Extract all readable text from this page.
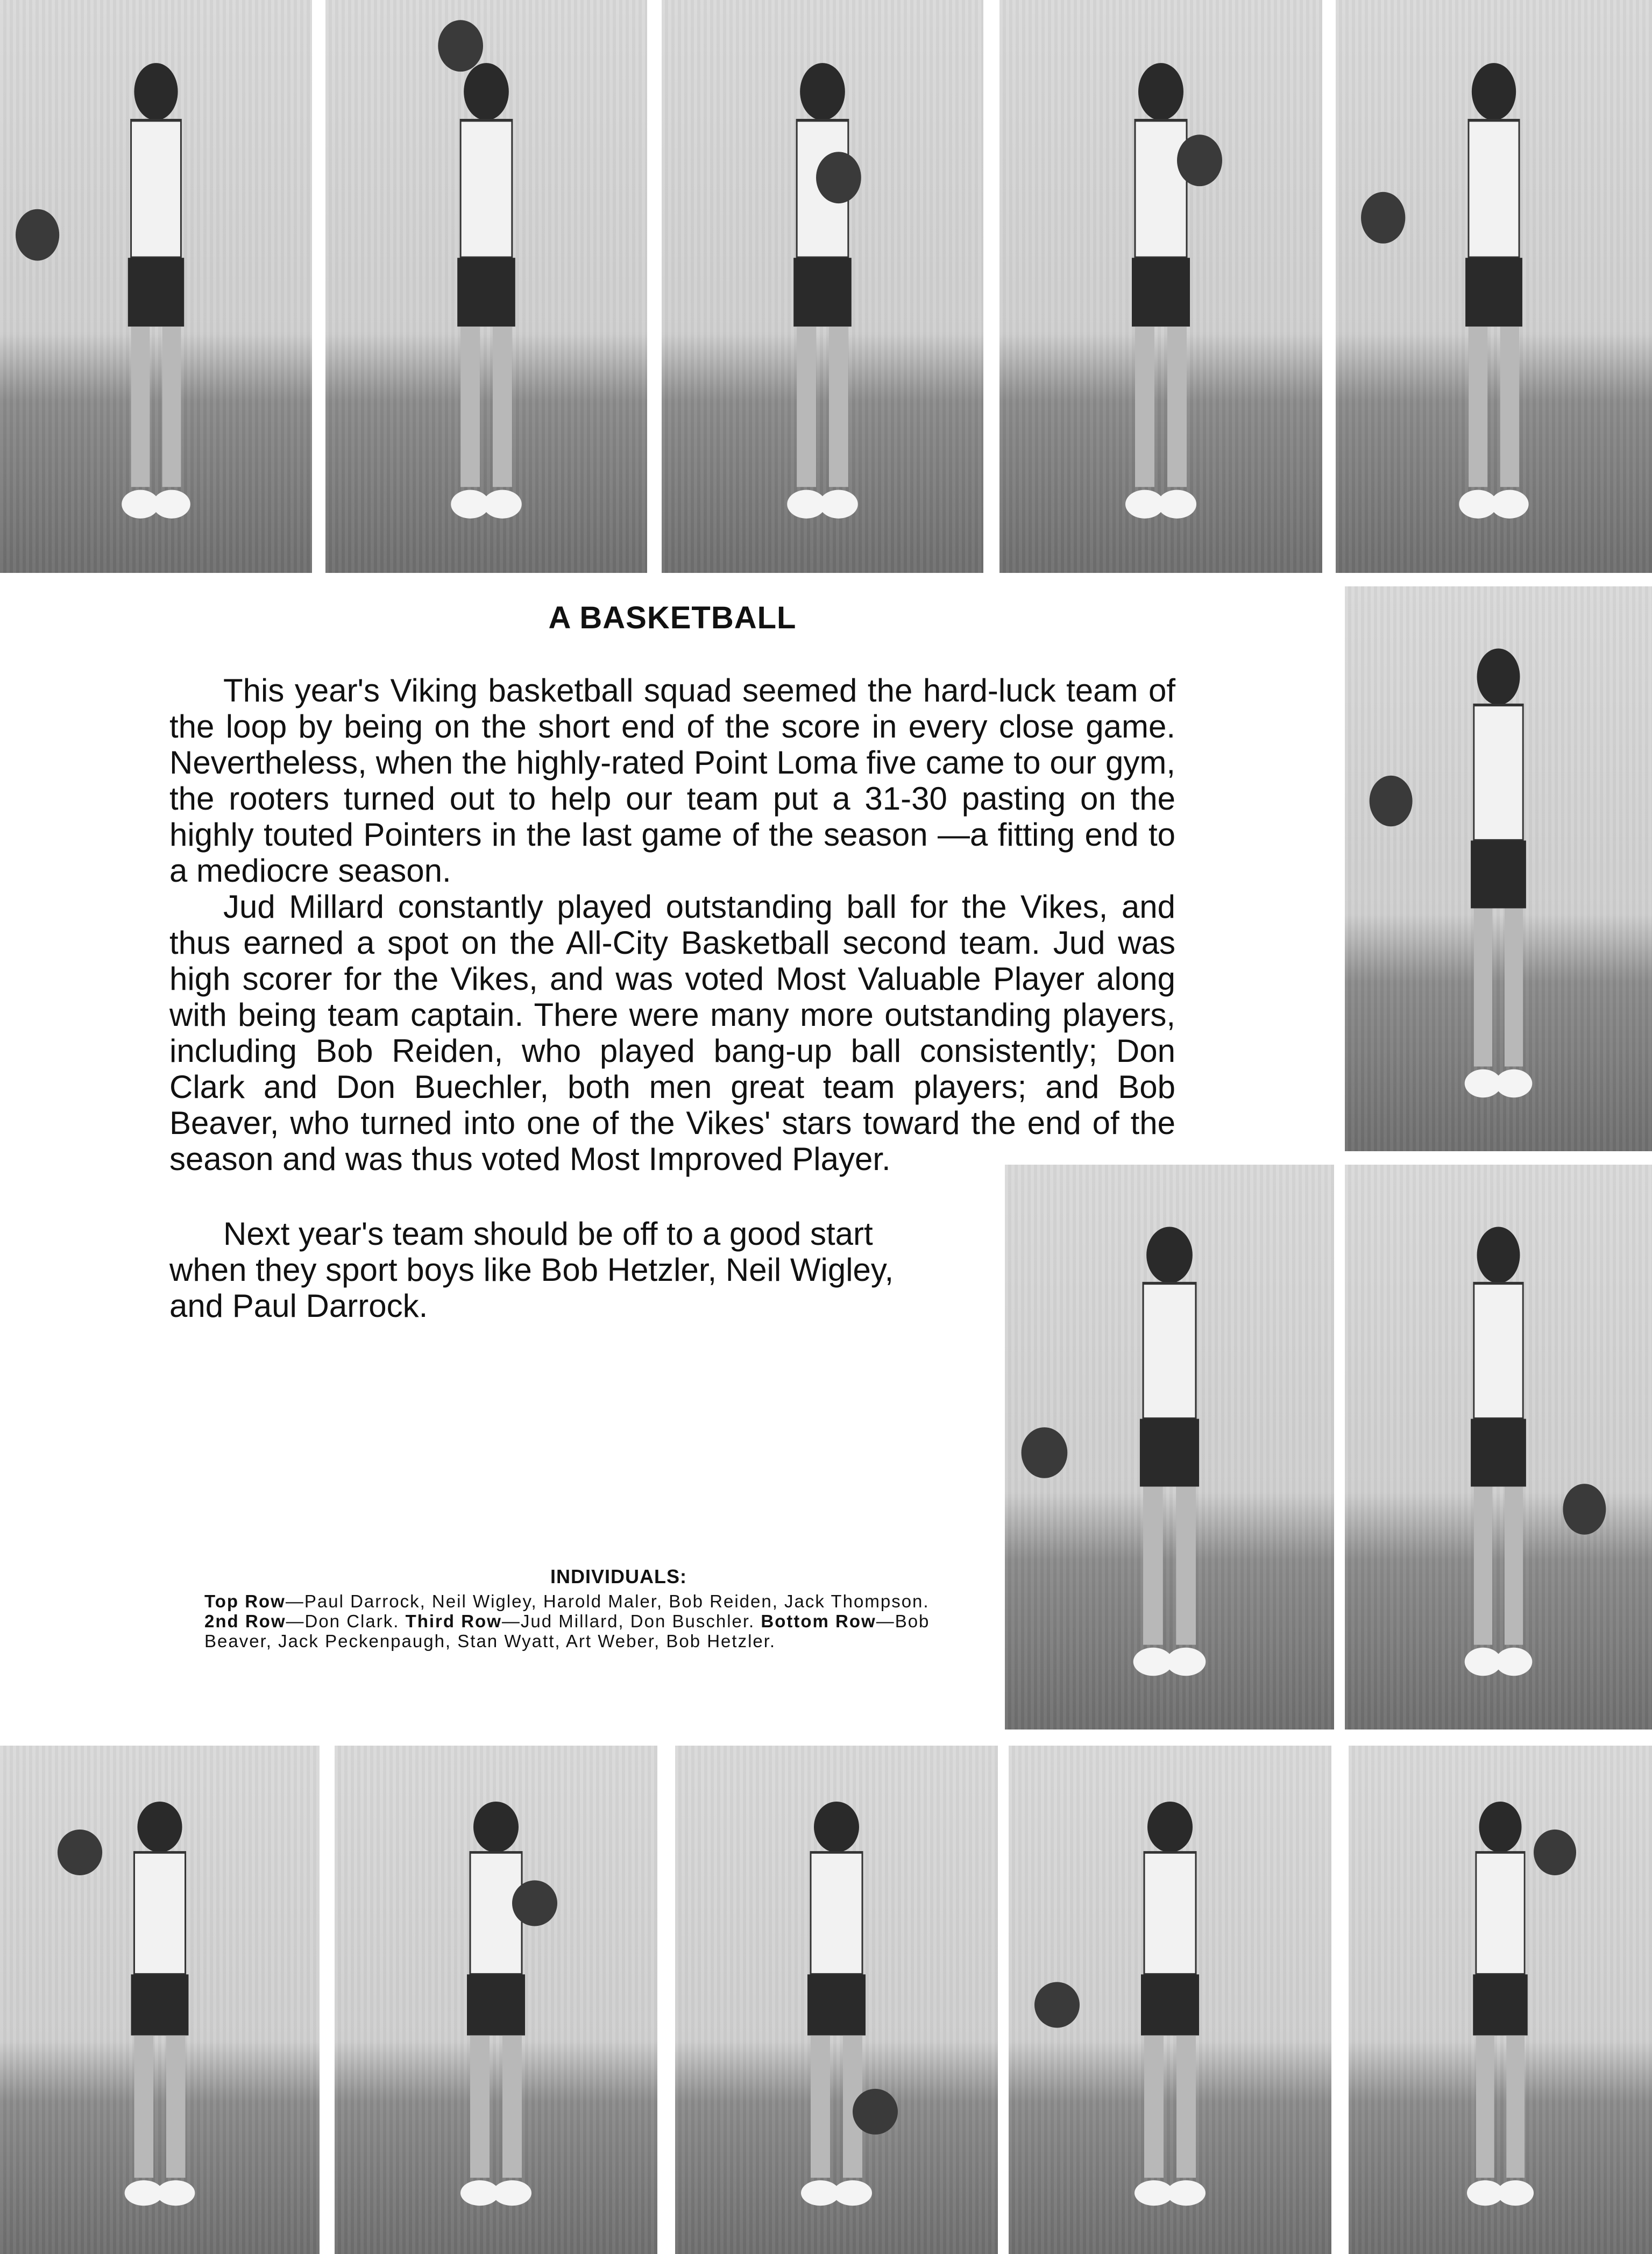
A BASKETBALL

This year's Viking basketball squad seemed the hard-luck team of the loop by being on the short end of the score in every close game. Nevertheless, when the highly-rated Point Loma five came to our gym, the rooters turned out to help our team put a 31-30 pasting on the highly touted Pointers in the last game of the season —a fitting end to a mediocre season.

Jud Millard constantly played outstanding ball for the Vikes, and thus earned a spot on the All-City Basketball second team. Jud was high scorer for the Vikes, and was voted Most Valuable Player along with being team captain. There were many more outstanding players, including Bob Reiden, who played bang-up ball consistently; Don Clark and Don Buechler, both men great team players; and Bob Beaver, who turned into one of the Vikes' stars toward the end of the season and was thus voted Most Improved Player.

Next year's team should be off to a good start when they sport boys like Bob Hetzler, Neil Wigley, and Paul Darrock.

INDIVIDUALS:

Top Row—Paul Darrock, Neil Wigley, Harold Maler, Bob Reiden, Jack Thompson. 2nd Row—Don Clark. Third Row—Jud Millard, Don Buschler. Bottom Row—Bob Beaver, Jack Peckenpaugh, Stan Wyatt, Art Weber, Bob Hetzler.
